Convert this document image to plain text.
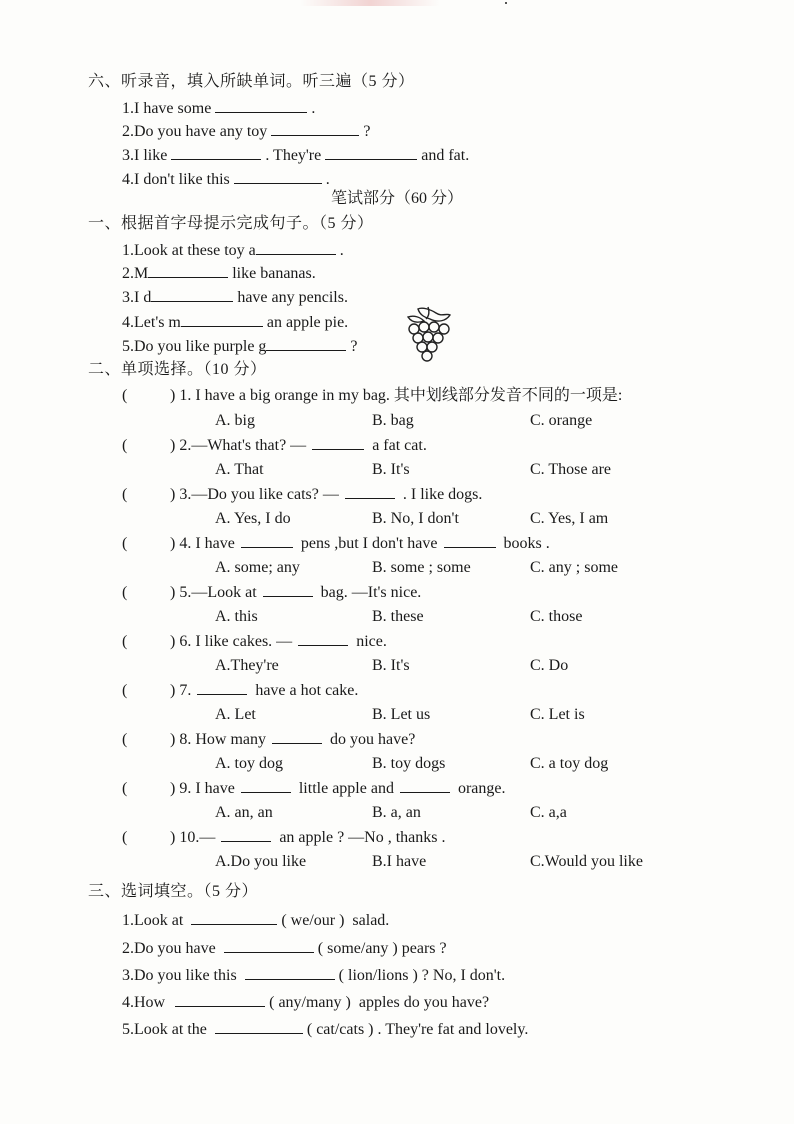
六、听录音，填入所缺单词。听三遍（5 分）
1.I have some	.
2.Do you have any toy	?
3.I like	. They're	and fat.
4.I don't like this	.
笔试部分（60 分）
一、根据首字母提示完成句子。（5 分）
1.Look at these toy a	.
2.M	like bananas.
3.I d	have any pencils.
4.Let's m	an apple pie.
5.Do you like purple g	?
二、单项选择。（10 分）
(	) 1. I have a big orange in my bag. 其中划线部分发音不同的一项是:
A. big	B. bag	C. orange
(	) 2.—What's that? —	a fat cat.
A. That	B. It's	C. Those are
(	) 3.—Do you like cats? —	. I like dogs.
A. Yes, I do	B. No, I don't	C. Yes, I am
(	) 4. I have	pens ,but I don't have	books .
A. some; any	B. some ; some	C. any ; some
(	) 5.—Look at	bag. —It's nice.
A. this	B. these	C. those
(	) 6. I like cakes. —	nice.
A.They're	B. It's	C. Do
(	) 7.	have a hot cake.
A. Let	B. Let us	C. Let is
(	) 8. How many	do you have?
A. toy dog	B. toy dogs	C. a toy dog
(	) 9. I have	little apple and	orange.
A. an, an	B. a, an	C. a,a
(	) 10.—	an apple ? —No , thanks .
A.Do you like	B.I have	C.Would you like
三、选词填空。（5 分）
1.Look at	( we/our ) salad.
2.Do you have	( some/any ) pears ?
3.Do you like this	( lion/lions ) ? No, I don't.
4.How	( any/many ) apples do you have?
5.Look at the	( cat/cats ) . They're fat and lovely.
